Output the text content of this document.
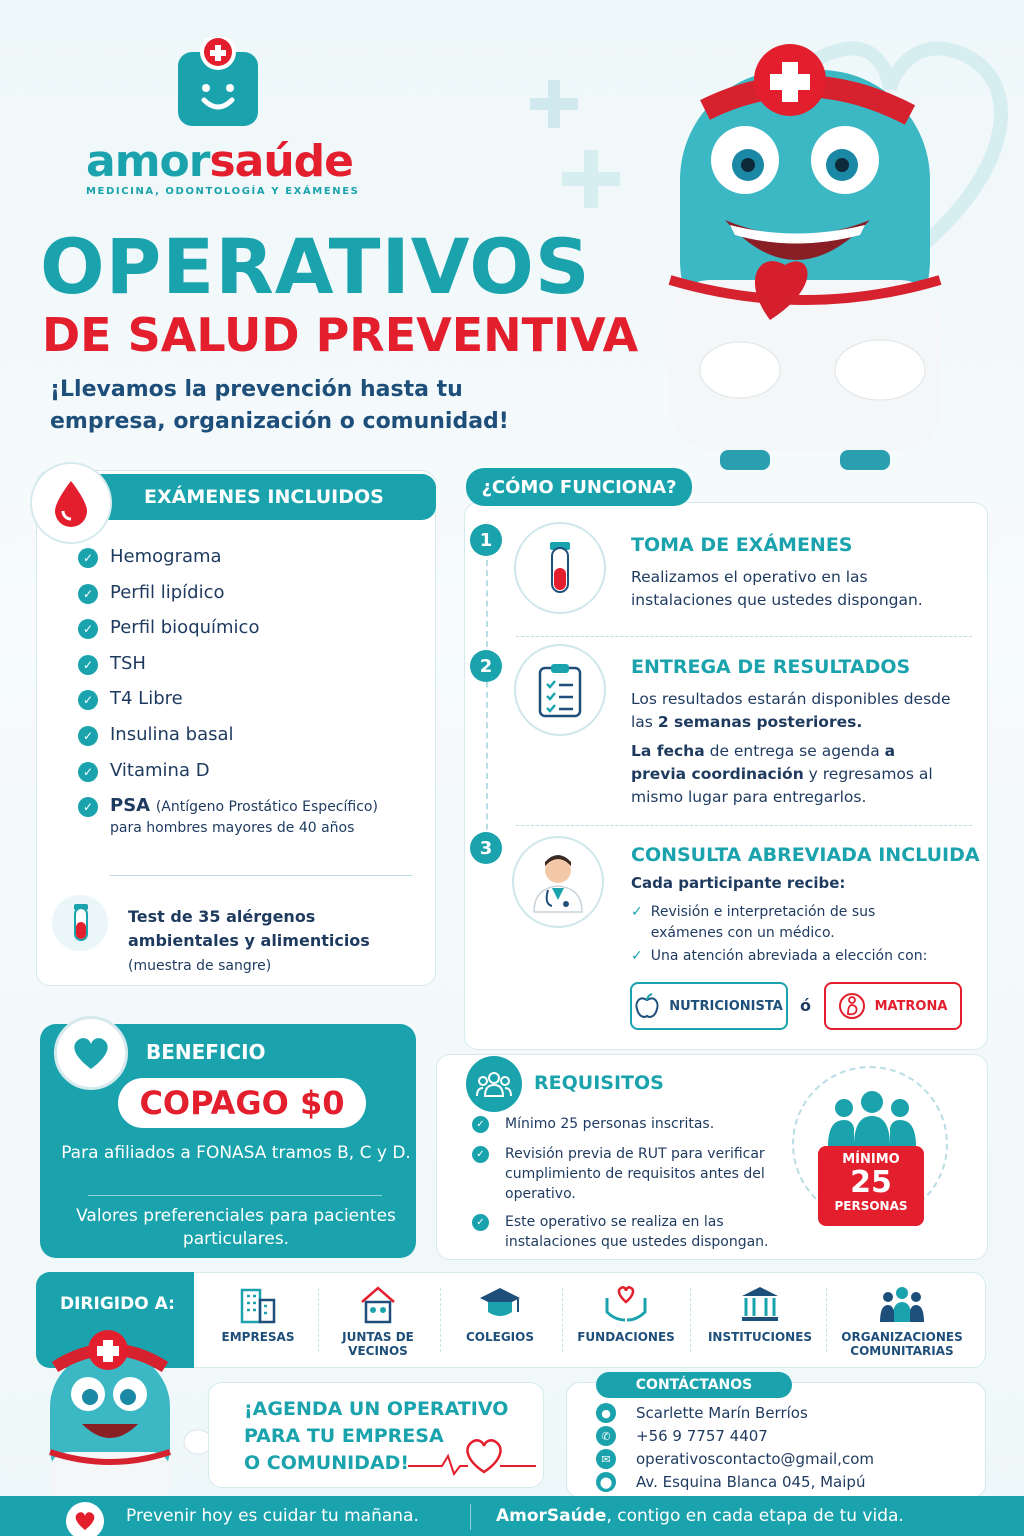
amorsaúde
MEDICINA, ODONTOLOGÍA Y EXÁMENES
OPERATIVOS
DE SALUD PREVENTIVA
¡Llevamos la prevención hasta tu empresa, organización o comunidad!
EXÁMENES INCLUIDOS
✓ Hemograma
✓ Perfil lipídico
✓ Perfil bioquímico
✓ TSH
✓ T4 Libre
✓ Insulina basal
✓ Vitamina D
✓ PSA (Antígeno Prostático Específico)
para hombres mayores de 40 años
Test de 35 alérgenos ambientales y alimenticios (muestra de sangre)
¿CÓMO FUNCIONA?
1	TOMA DE EXÁMENES
Realizamos el operativo en las instalaciones que ustedes dispongan.
2	ENTREGA DE RESULTADOS
Los resultados estarán disponibles desde las 2 semanas posteriores.
La fecha de entrega se agenda a previa coordinación y regresamos al mismo lugar para entregarlos.
3	CONSULTA ABREVIADA INCLUIDA
Cada participante recibe:
✓ Revisión e interpretación de sus exámenes con un médico.
✓ Una atención abreviada a elección con:
NUTRICIONISTA ó	MATRONA
BENEFICIO
COPAGO $0
Para afiliados a FONASA tramos B, C y D.
Valores preferenciales para pacientes particulares.
REQUISITOS
✓	Mínimo 25 personas inscritas.
✓	Revisión previa de RUT para verificar cumplimiento de requisitos antes del operativo.
✓	Este operativo se realiza en las instalaciones que ustedes dispongan.
MÍNIMO
25
PERSONAS
DIRIGIDO A:
EMPRESAS	JUNTAS DE VECINOS
COLEGIOS	FUNDACIONES	INSTITUCIONES	ORGANIZACIONES COMUNITARIAS
¡AGENDA UN OPERATIVO
PARA TU EMPRESA
O COMUNIDAD!
CONTÁCTANOS
●	Scarlette Marín Berríos
✆	+56 9 7757 4407
✉	operativoscontacto@gmail,com
⬤ Av. Esquina Blanca 045, Maipú
Prevenir hoy es cuidar tu mañana.	AmorSaúde, contigo en cada etapa de tu vida.
